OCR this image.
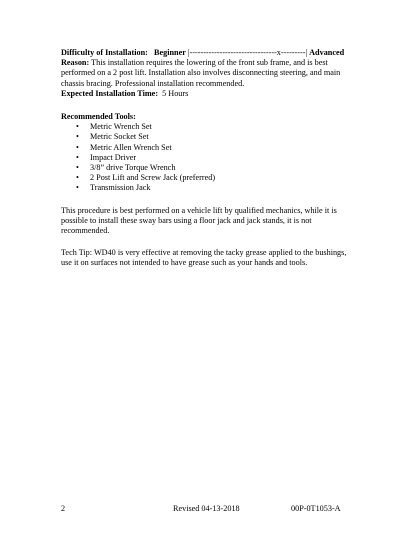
Difficulty of Installation: Beginner |--------------------------------x---------| Advanced

Reason: This installation requires the lowering of the front sub frame, and is best performed on a 2 post lift. Installation also involves disconnecting steering, and main chassis bracing. Professional installation recommended.

Expected Installation Time: 5 Hours

Recommended Tools:

• Metric Wrench Set
• Metric Socket Set
• Metric Allen Wrench Set
• Impact Driver
• 3/8” drive Torque Wrench
• 2 Post Lift and Screw Jack (preferred)
• Transmission Jack

This procedure is best performed on a vehicle lift by qualified mechanics, while it is possible to install these sway bars using a floor jack and jack stands, it is not recommended.

Tech Tip: WD40 is very effective at removing the tacky grease applied to the bushings, use it on surfaces not intended to have grease such as your hands and tools.

2	Revised 04-13-2018	00P-0T1053-A
